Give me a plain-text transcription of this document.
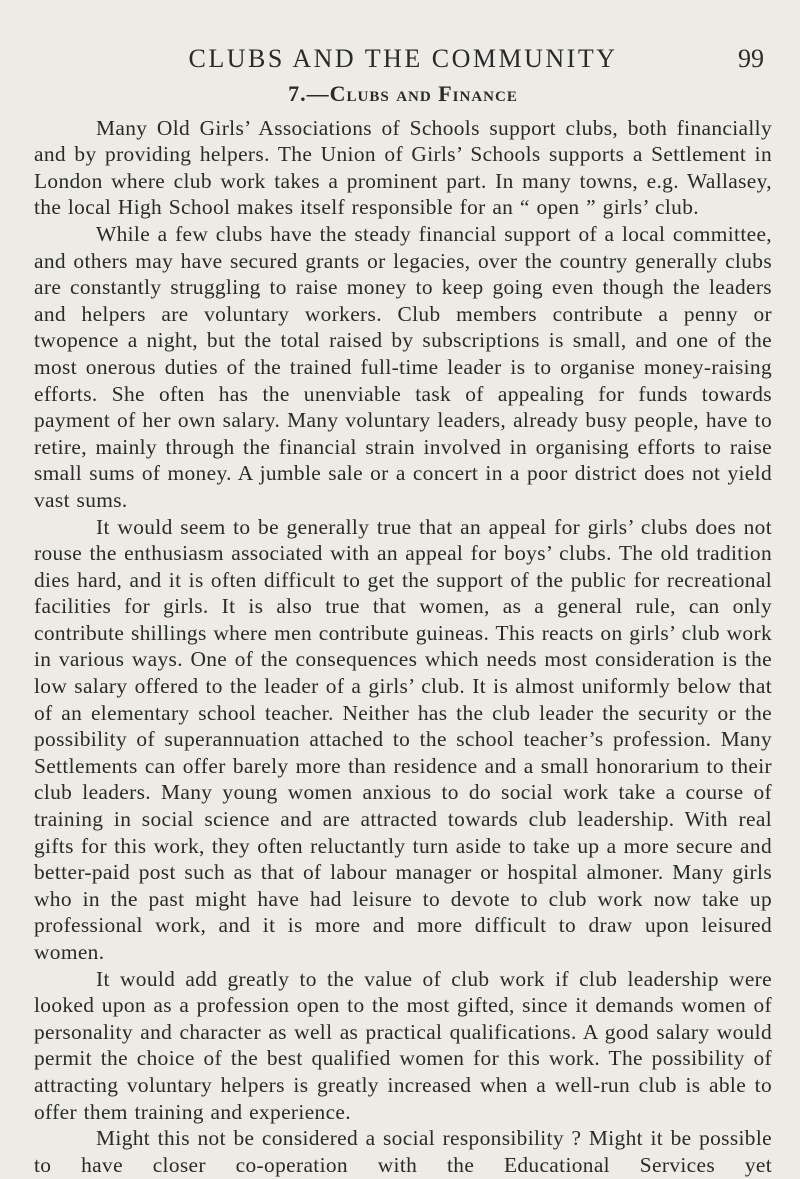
CLUBS AND THE COMMUNITY	99
7.—Clubs and Finance

Many Old Girls’ Associations of Schools support clubs, both financially and by providing helpers. The Union of Girls’ Schools supports a Settlement in London where club work takes a prominent part. In many towns, e.g. Wallasey, the local High School makes itself responsible for an “ open ” girls’ club.

While a few clubs have the steady financial support of a local committee, and others may have secured grants or legacies, over the country generally clubs are constantly struggling to raise money to keep going even though the leaders and helpers are voluntary workers. Club members contribute a penny or twopence a night, but the total raised by subscriptions is small, and one of the most onerous duties of the trained full-time leader is to organise money-raising efforts. She often has the unenviable task of appealing for funds towards payment of her own salary. Many voluntary leaders, already busy people, have to retire, mainly through the financial strain involved in organising efforts to raise small sums of money. A jumble sale or a concert in a poor district does not yield vast sums.

It would seem to be generally true that an appeal for girls’ clubs does not rouse the enthusiasm associated with an appeal for boys’ clubs. The old tradition dies hard, and it is often difficult to get the support of the public for recreational facilities for girls. It is also true that women, as a general rule, can only contribute shillings where men contribute guineas. This reacts on girls’ club work in various ways. One of the consequences which needs most consideration is the low salary offered to the leader of a girls’ club. It is almost uniformly below that of an elementary school teacher. Neither has the club leader the security or the possibility of superannuation attached to the school teacher’s profession. Many Settlements can offer barely more than residence and a small honorarium to their club leaders. Many young women anxious to do social work take a course of training in social science and are attracted towards club leadership. With real gifts for this work, they often reluctantly turn aside to take up a more secure and better-paid post such as that of labour manager or hospital almoner. Many girls who in the past might have had leisure to devote to club work now take up professional work, and it is more and more difficult to draw upon leisured women.

It would add greatly to the value of club work if club leadership were looked upon as a profession open to the most gifted, since it demands women of personality and character as well as practical qualifications. A good salary would permit the choice of the best qualified women for this work. The possibility of attracting voluntary helpers is greatly increased when a well-run club is able to offer them training and experience.

Might this not be considered a social responsibility ? Might it be possible to have closer co-operation with the Educational Services yet
